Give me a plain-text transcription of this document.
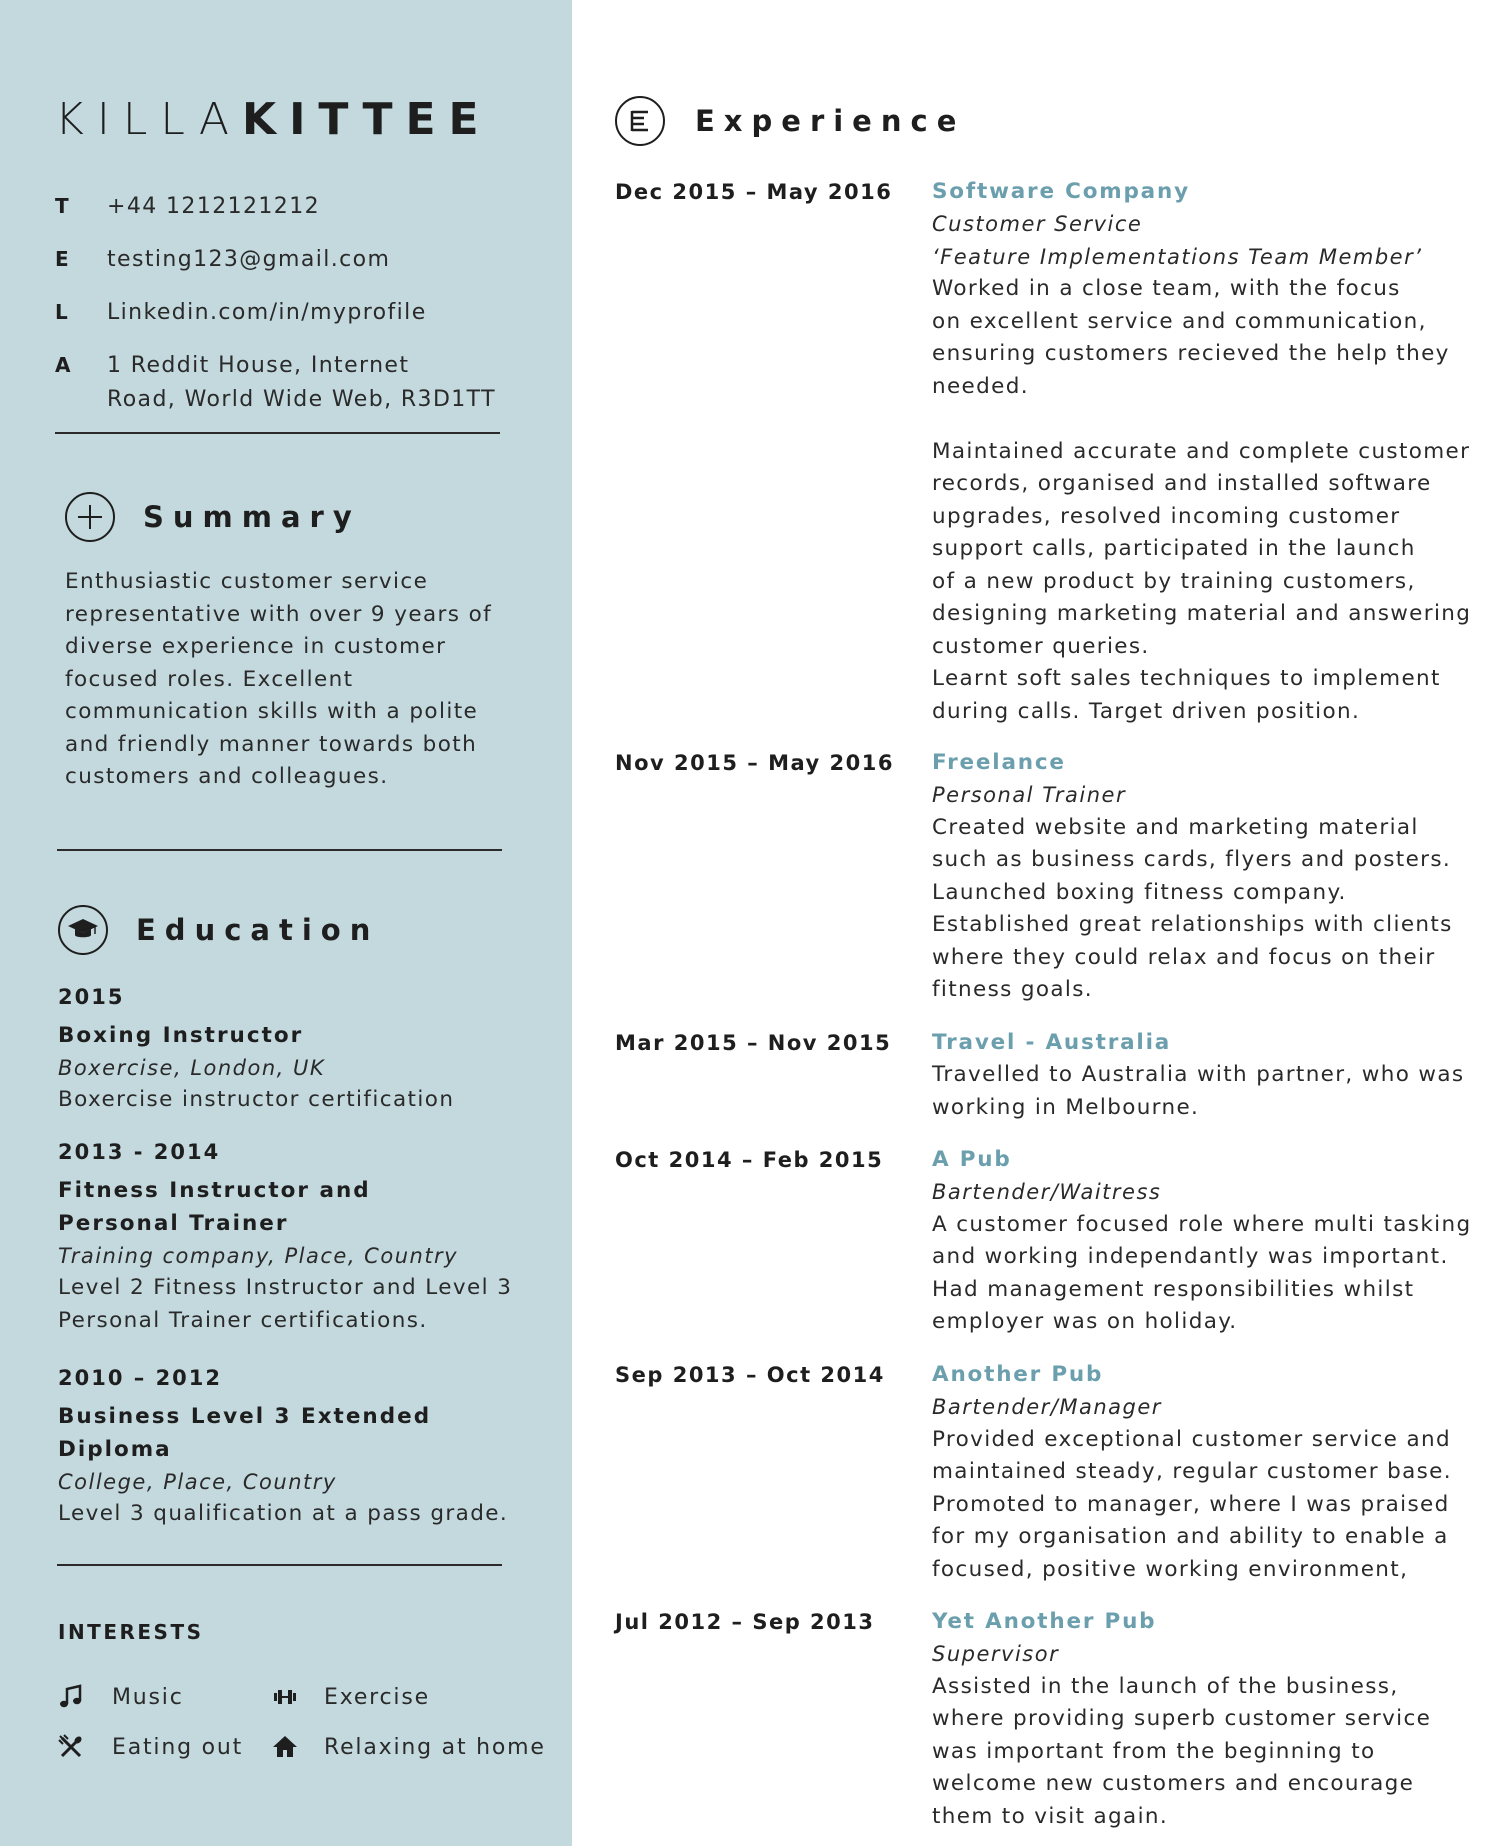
KILLAKITTEE
T	+44 1212121212
E	testing123@gmail.com
L	Linkedin.com/in/myprofile
A	1 Reddit House, Internet
Road, World Wide Web, R3D1TT
Summary
Enthusiastic customer service representative with over 9 years of diverse experience in customer focused roles. Excellent communication skills with a polite and friendly manner towards both customers and colleagues.
Education
2015
Boxing Instructor
Boxercise, London, UK
Boxercise instructor certification
2013 - 2014
Fitness Instructor and
Personal Trainer
Training company, Place, Country
Level 2 Fitness Instructor and Level 3
Personal Trainer certifications.
2010 – 2012
Business Level 3 Extended Diploma
College, Place, Country
Level 3 qualification at a pass grade.
INTERESTS
Music	Exercise
Eating out	Relaxing at home
Experience
Dec 2015 – May 2016	Software Company
Customer Service
‘Feature Implementations Team Member’
Worked in a close team, with the focus
on excellent service and communication,
ensuring customers recieved the help they
needed.
Maintained accurate and complete customer
records, organised and installed software
upgrades, resolved incoming customer
support calls, participated in the launch
of a new product by training customers,
designing marketing material and answering
customer queries.
Learnt soft sales techniques to implement
during calls. Target driven position.
Nov 2015 – May 2016	Freelance
Personal Trainer
Created website and marketing material
such as business cards, flyers and posters.
Launched boxing fitness company.
Established great relationships with clients
where they could relax and focus on their
fitness goals.
Mar 2015 – Nov 2015	Travel - Australia
Travelled to Australia with partner, who was
working in Melbourne.
Oct 2014 – Feb 2015	A Pub
Bartender/Waitress
A customer focused role where multi tasking
and working independantly was important.
Had management responsibilities whilst
employer was on holiday.
Sep 2013 – Oct 2014	Another Pub
Bartender/Manager
Provided exceptional customer service and
maintained steady, regular customer base.
Promoted to manager, where I was praised
for my organisation and ability to enable a
focused, positive working environment,
Jul 2012 – Sep 2013	Yet Another Pub
Supervisor
Assisted in the launch of the business,
where providing superb customer service
was important from the beginning to
welcome new customers and encourage
them to visit again.
